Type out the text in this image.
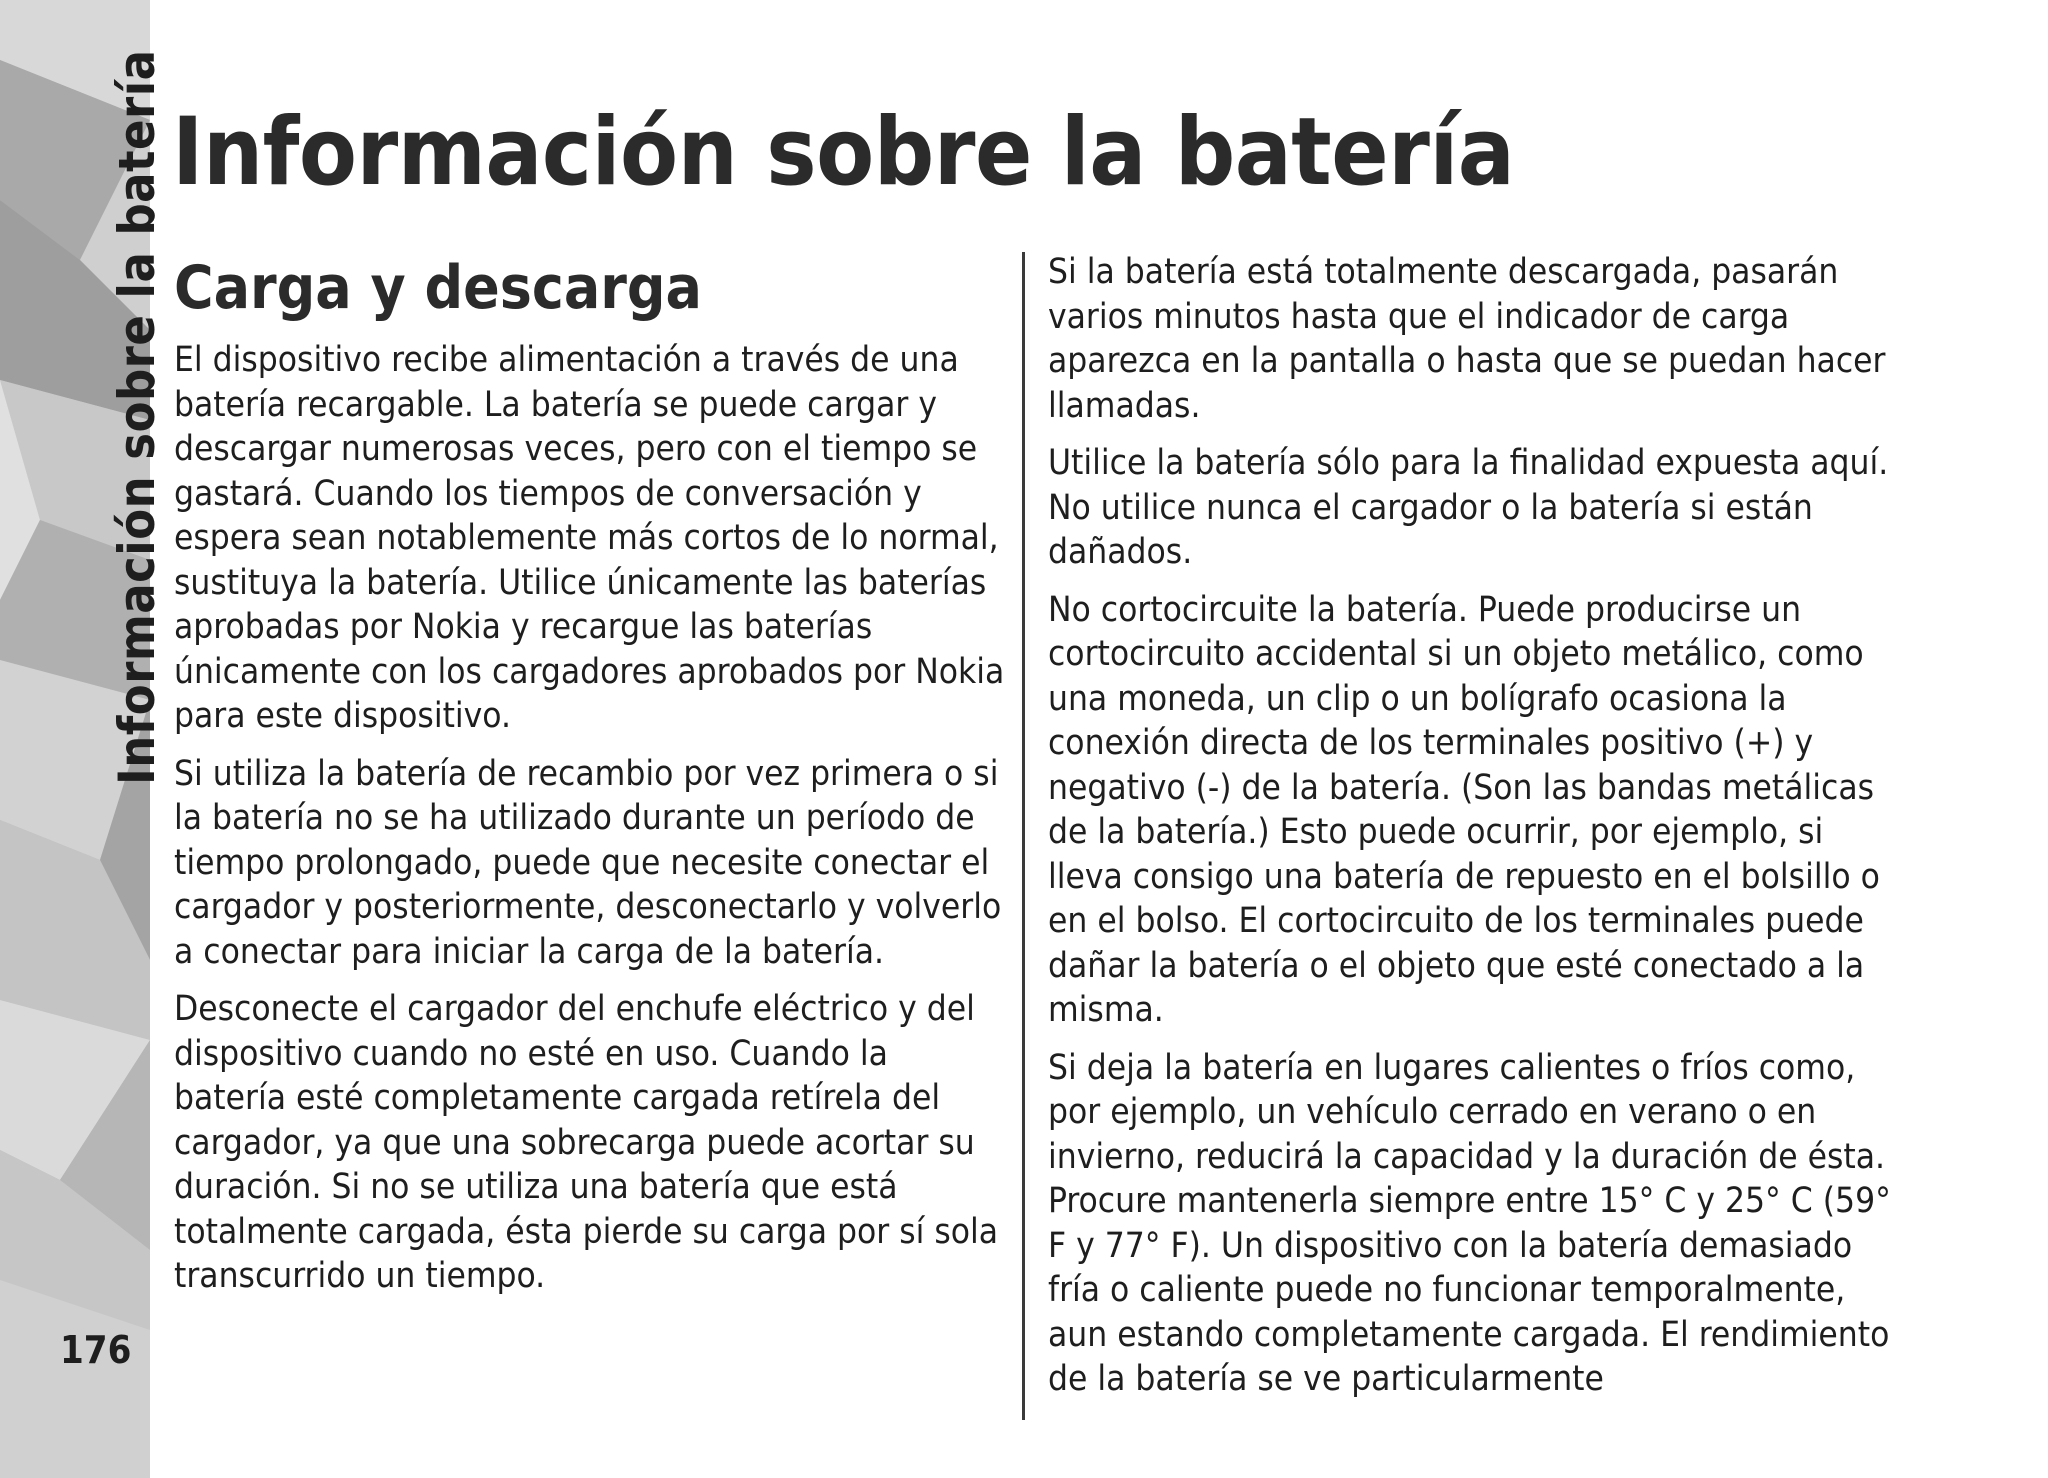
Información sobre la batería
176
Información sobre la batería
Carga y descarga

El dispositivo recibe alimentación a través de una batería recargable. La batería se puede cargar y descargar numerosas veces, pero con el tiempo se gastará. Cuando los tiempos de conversación y espera sean notablemente más cortos de lo normal, sustituya la batería. Utilice únicamente las baterías aprobadas por Nokia y recargue las baterías únicamente con los cargadores aprobados por Nokia para este dispositivo.

Si utiliza la batería de recambio por vez primera o si la batería no se ha utilizado durante un período de tiempo prolongado, puede que necesite conectar el cargador y posteriormente, desconectarlo y volverlo a conectar para iniciar la carga de la batería.

Desconecte el cargador del enchufe eléctrico y del dispositivo cuando no esté en uso. Cuando la batería esté completamente cargada retírela del cargador, ya que una sobrecarga puede acortar su duración. Si no se utiliza una batería que está totalmente cargada, ésta pierde su carga por sí sola transcurrido un tiempo.

Si la batería está totalmente descargada, pasarán varios minutos hasta que el indicador de carga aparezca en la pantalla o hasta que se puedan hacer llamadas.

Utilice la batería sólo para la finalidad expuesta aquí. No utilice nunca el cargador o la batería si están dañados.

No cortocircuite la batería. Puede producirse un cortocircuito accidental si un objeto metálico, como una moneda, un clip o un bolígrafo ocasiona la conexión directa de los terminales positivo (+) y negativo (-) de la batería. (Son las bandas metálicas de la batería.) Esto puede ocurrir, por ejemplo, si lleva consigo una batería de repuesto en el bolsillo o en el bolso. El cortocircuito de los terminales puede dañar la batería o el objeto que esté conectado a la misma.

Si deja la batería en lugares calientes o fríos como, por ejemplo, un vehículo cerrado en verano o en invierno, reducirá la capacidad y la duración de ésta. Procure mantenerla siempre entre 15° C y 25° C (59° F y 77° F). Un dispositivo con la batería demasiado fría o caliente puede no funcionar temporalmente, aun estando completamente cargada. El rendimiento de la batería se ve particularmente
